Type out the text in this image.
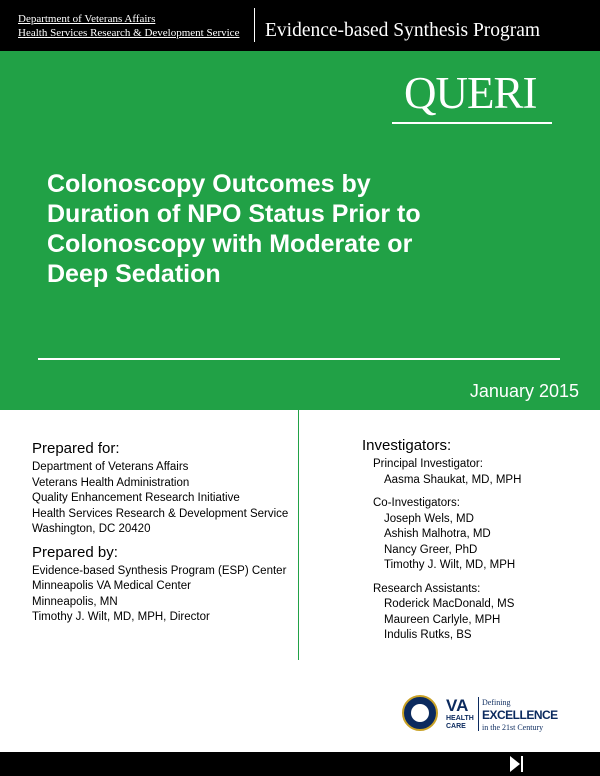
Department of Veterans Affairs
Health Services Research & Development Service Evidence-based Synthesis Program
QUERI
Colonoscopy Outcomes by Duration of NPO Status Prior to Colonoscopy with Moderate or Deep Sedation
January 2015
Prepared for:
Department of Veterans Affairs
Veterans Health Administration
Quality Enhancement Research Initiative
Health Services Research & Development Service
Washington, DC 20420
Prepared by:
Evidence-based Synthesis Program (ESP) Center
Minneapolis VA Medical Center
Minneapolis, MN
Timothy J. Wilt, MD, MPH, Director
Investigators:
Principal Investigator:
Aasma Shaukat, MD, MPH
Co-Investigators:
Joseph Wels, MD
Ashish Malhotra, MD
Nancy Greer, PhD
Timothy J. Wilt, MD, MPH
Research Assistants:
Roderick MacDonald, MS
Maureen Carlyle, MPH
Indulis Rutks, BS
VA
HEALTH
CARE
Defining
EXCELLENCE
in the 21st Century
